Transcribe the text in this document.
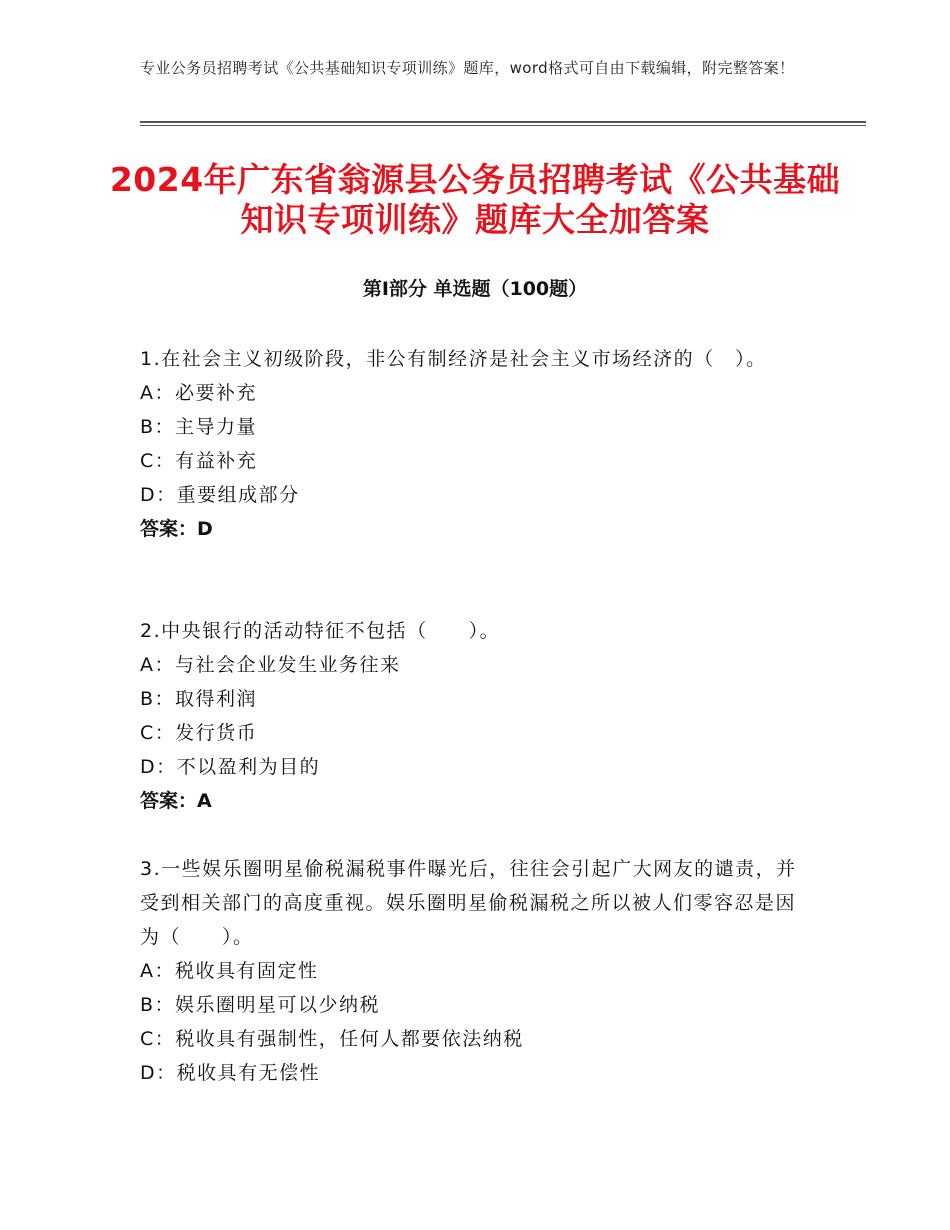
专业公务员招聘考试《公共基础知识专项训练》题库，word格式可自由下载编辑，附完整答案！
2024年广东省翁源县公务员招聘考试《公共基础知识专项训练》题库大全加答案
第Ⅰ部分 单选题（100题）

1.在社会主义初级阶段，非公有制经济是社会主义市场经济的（　）。

A：必要补充

B：主导力量

C：有益补充

D：重要组成部分

答案：D

2.中央银行的活动特征不包括（　　）。

A：与社会企业发生业务往来

B：取得利润

C：发行货币

D：不以盈利为目的

答案：A

3.一些娱乐圈明星偷税漏税事件曝光后，往往会引起广大网友的谴责，并受到相关部门的高度重视。娱乐圈明星偷税漏税之所以被人们零容忍是因为（　　）。

A：税收具有固定性

B：娱乐圈明星可以少纳税

C：税收具有强制性，任何人都要依法纳税

D：税收具有无偿性
